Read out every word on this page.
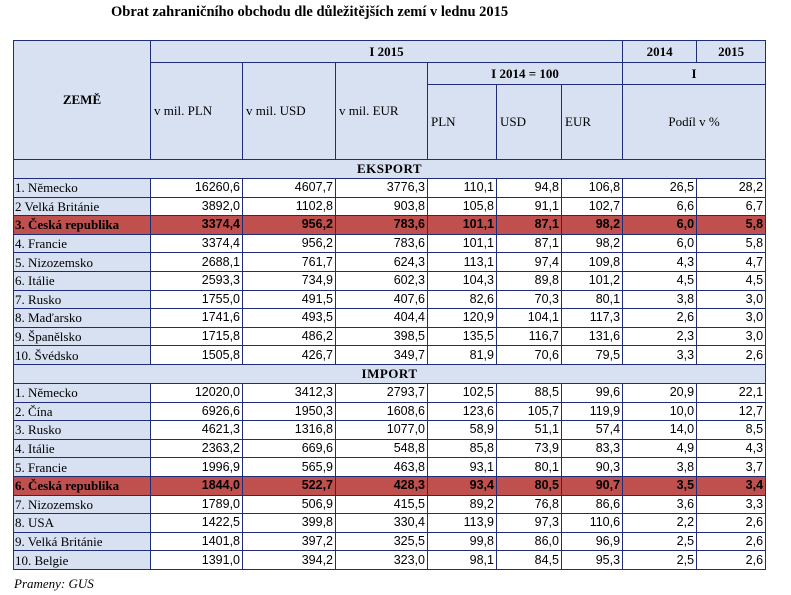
Obrat zahraničního obchodu dle důležitějších zemí v lednu 2015
ZEMĚ	I 2015						2014	2015
	v mil. PLN	v mil. USD	v mil. EUR	I 2014 = 100			I	
				PLN	USD	EUR	Podíl v %	
EKSPORT								
1. Německo	16260,6	4607,7	3776,3	110,1	94,8	106,8	26,5	28,2
2 Velká Británie	3892,0	1102,8	903,8	105,8	91,1	102,7	6,6	6,7
3. Česká republika	3374,4	956,2	783,6	101,1	87,1	98,2	6,0	5,8
4. Francie	3374,4	956,2	783,6	101,1	87,1	98,2	6,0	5,8
5. Nizozemsko	2688,1	761,7	624,3	113,1	97,4	109,8	4,3	4,7
6. Itálie	2593,3	734,9	602,3	104,3	89,8	101,2	4,5	4,5
7. Rusko	1755,0	491,5	407,6	82,6	70,3	80,1	3,8	3,0
8. Maďarsko	1741,6	493,5	404,4	120,9	104,1	117,3	2,6	3,0
9. Španělsko	1715,8	486,2	398,5	135,5	116,7	131,6	2,3	3,0
10. Švédsko	1505,8	426,7	349,7	81,9	70,6	79,5	3,3	2,6
IMPORT								
1. Německo	12020,0	3412,3	2793,7	102,5	88,5	99,6	20,9	22,1
2. Čína	6926,6	1950,3	1608,6	123,6	105,7	119,9	10,0	12,7
3. Rusko	4621,3	1316,8	1077,0	58,9	51,1	57,4	14,0	8,5
4. Itálie	2363,2	669,6	548,8	85,8	73,9	83,3	4,9	4,3
5. Francie	1996,9	565,9	463,8	93,1	80,1	90,3	3,8	3,7
6. Česká republika	1844,0	522,7	428,3	93,4	80,5	90,7	3,5	3,4
7. Nizozemsko	1789,0	506,9	415,5	89,2	76,8	86,6	3,6	3,3
8. USA	1422,5	399,8	330,4	113,9	97,3	110,6	2,2	2,6
9. Velká Británie	1401,8	397,2	325,5	99,8	86,0	96,9	2,5	2,6
10. Belgie	1391,0	394,2	323,0	98,1	84,5	95,3	2,5	2,6
Prameny: GUS
